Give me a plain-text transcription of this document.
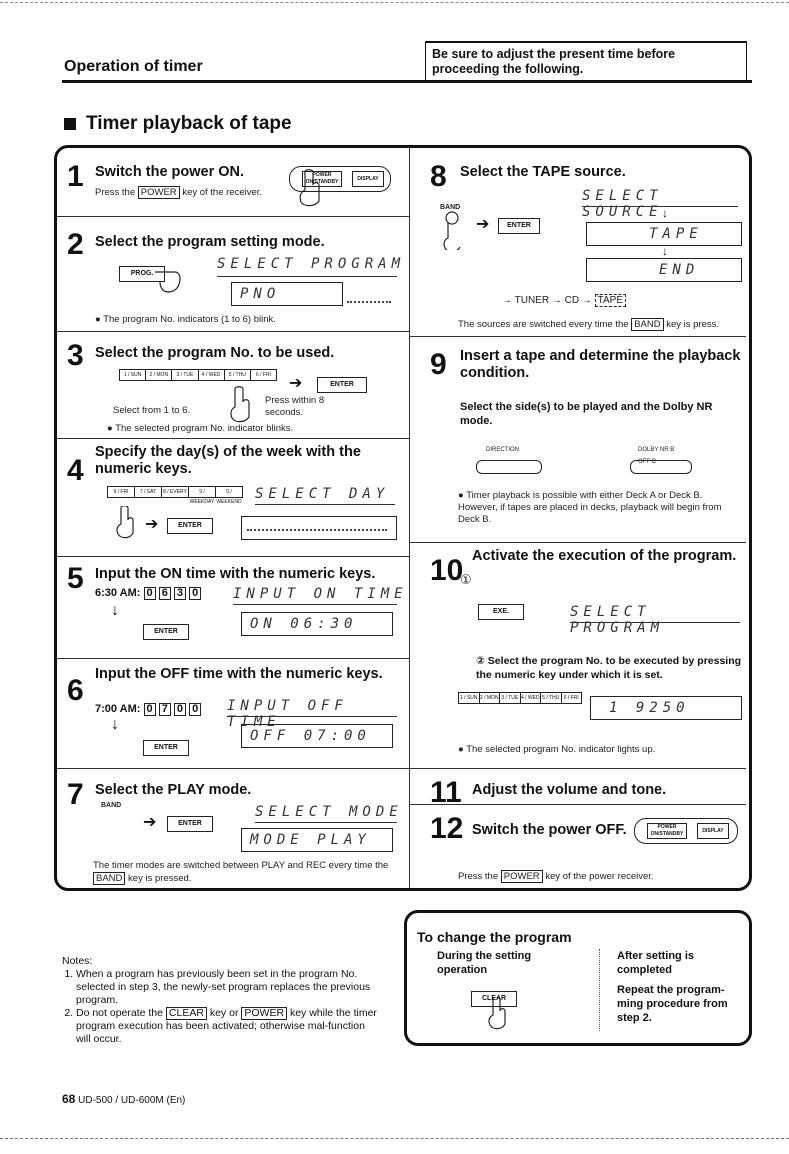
Operation of timer
Be sure to adjust the present time before proceeding the following.
Timer playback of tape
1 Switch the power ON.
Press the POWER key of the receiver.
POWER ON/STANDBY	DISPLAY
2 Select the program setting mode.
PROG.
SELECT PROGRAM
PNO
● The program No. indicators (1 to 6) blink.
3 Select the program No. to be used.
1 / SUN	2 / MON	3 / TUE	4 / WED	5 / THU	6 / FRI
Select from 1 to 6.
Press within 8 seconds.
➔	ENTER
● The selected program No. indicator blinks.
4
Specify the day(s) of the week with the numeric keys.
9 / FRI	7 / SAT	8 / EVERY	9 / WEEKDAY
0 / WEEKEND SELECT DAY
➔	ENTER
5 Input the ON time with the numeric keys.
6:30 AM: 0 6 3 0 INPUT ON TIME
↓
ENTER	ON 06:30
6 Input the OFF time with the numeric keys.
7:00 AM: 0 7 0 0 INPUT OFF TIME
↓
ENTER
OFF 07:00
7 Select the PLAY mode.
BAND
➔	ENTER
SELECT MODE
MODE PLAY
The timer modes are switched between PLAY and REC every time the BAND key is pressed.
8 Select the TAPE source.
SELECT SOURCE
BAND
➔	ENTER
↓
TAPE
↓
END
→ TUNER → CD → TAPE
The sources are switched every time the BAND key is press.
9 Insert a tape and determine the playback condition.
Select the side(s) to be played and the Dolby NR mode.
DIRECTION	DOLBY NR B OFF C
● Timer playback is possible with either Deck A or Deck B. However, if tapes are placed in decks, playback will begin from Deck B.
10 Activate the execution of the program.
①
EXE.	SELECT PROGRAM
② Select the program No. to be executed by pressing the numeric key under which it is set.
1 / SUN 2 / MON 3 / TUE 4 / WED 5 / THU 6 / FRI
1 9250
● The selected program No. indicator lights up.
11 Adjust the volume and tone.
12 Switch the power OFF.	POWER ON/STANDBY	DISPLAY
Press the POWER key of the power receiver.
To change the program
During the setting operation
CLEAR
After setting is completed
Repeat the program-ming procedure from step 2.
Notes:
1. When a program has previously been set in the program No. selected in step 3, the newly-set program replaces the previous program.
2. Do not operate the CLEAR key or POWER key while the timer program execution has been activated; otherwise mal-function will occur.
68 UD-500 / UD-600M (En)
